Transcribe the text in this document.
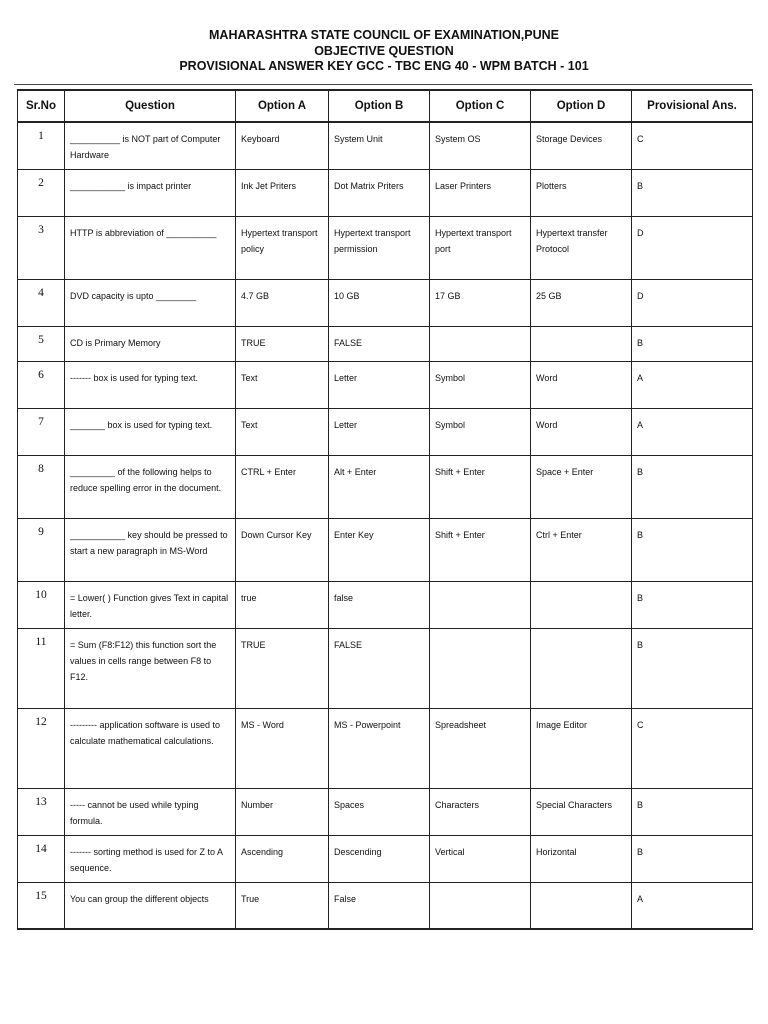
MAHARASHTRA STATE COUNCIL OF EXAMINATION,PUNE
OBJECTIVE QUESTION
PROVISIONAL ANSWER KEY GCC - TBC ENG 40 - WPM BATCH - 101
Sr.No	Question	Option A	Option B	Option C	Option D	Provisional Ans.
1	__________ is NOT part of Computer Hardware	Keyboard	System Unit	System OS	Storage Devices	C
2	___________ is impact printer	Ink Jet Priters	Dot Matrix Priters	Laser Printers	Plotters	B
3	HTTP is abbreviation of __________	Hypertext transport policy	Hypertext transport permission	Hypertext transport port	Hypertext transfer Protocol	D
4	DVD capacity is upto ________	4.7 GB	10 GB	17 GB	25 GB	D
5	CD is Primary Memory	TRUE	FALSE			B
6	------- box is used for typing text.	Text	Letter	Symbol	Word	A
7	_______ box is used for typing text.	Text	Letter	Symbol	Word	A
8	_________ of the following helps to reduce spelling error in the document.	CTRL + Enter	Alt + Enter	Shift + Enter	Space + Enter	B
9	___________ key should be pressed to start a new paragraph in MS-Word	Down Cursor Key	Enter Key	Shift + Enter	Ctrl + Enter	B
10	= Lower( ) Function gives Text in capital letter.	true	false			B
11	= Sum (F8:F12) this function sort the values in cells range between F8 to F12.	TRUE	FALSE			B
12	--------- application software is used to calculate mathematical calculations.	MS - Word	MS - Powerpoint	Spreadsheet	Image Editor	C
13	----- cannot be used while typing formula.	Number	Spaces	Characters	Special Characters	B
14	------- sorting method is used for Z to A sequence.	Ascending	Descending	Vertical	Horizontal	B
15	You can group the different objects	True	False			A
